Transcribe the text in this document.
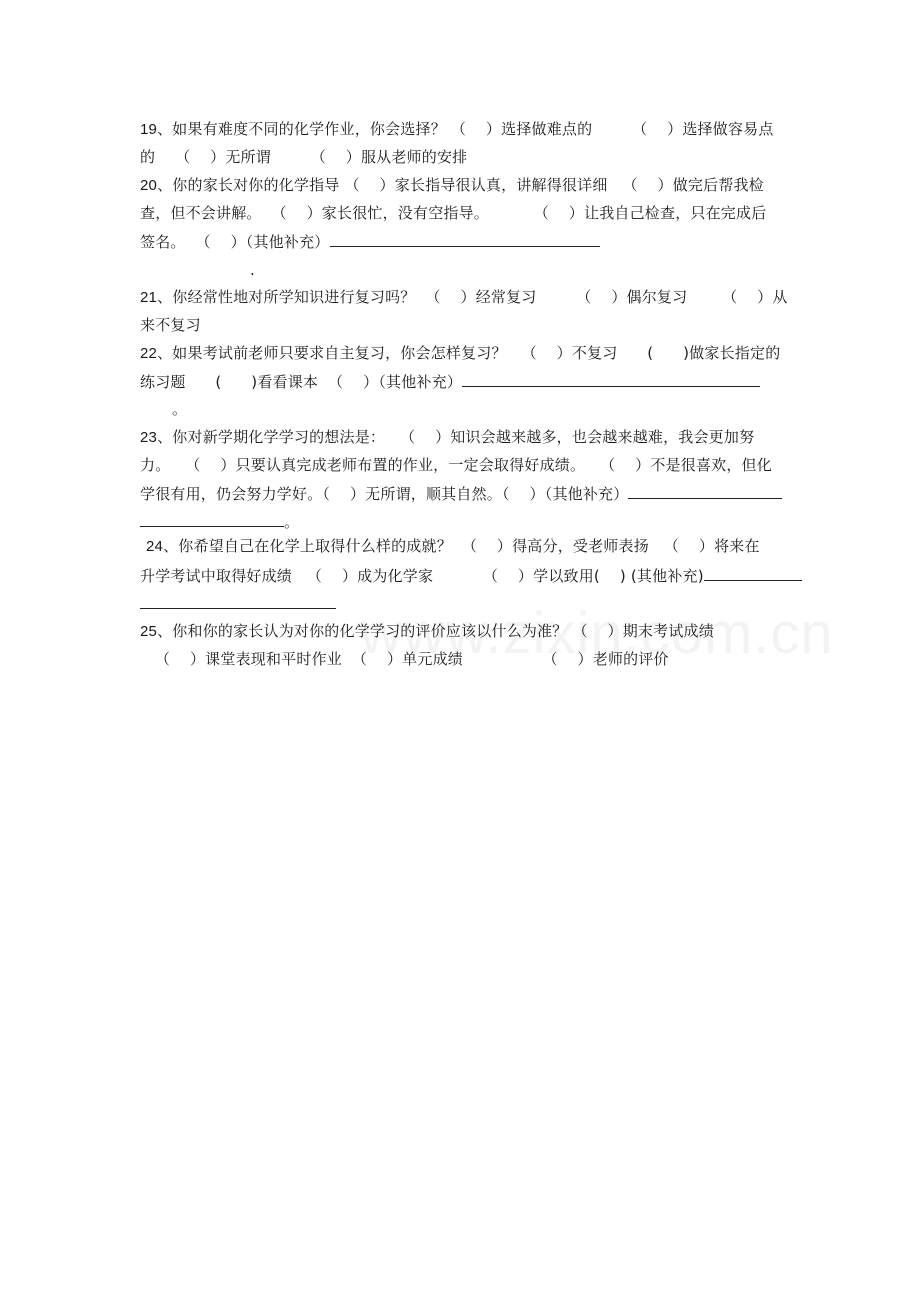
19、如果有难度不同的化学作业，你会选择？ （    ）选择做难点的        （    ）选择做容易点
的    （    ）无所谓        （    ）服从老师的安排
20、你的家长对你的化学指导 （    ）家长指导很认真，讲解得很详细   （    ）做完后帮我检
查，但不会讲解。  （    ）家长很忙，没有空指导。         （    ）让我自己检查，只在完成后
签名。  （    ）（其他补充）
.
21、你经常性地对所学知识进行复习吗？  （    ）经常复习        （    ）偶尔复习       （    ）从
来不复习
22、如果考试前老师只要求自主复习，你会怎样复习？   （    ）不复习      (      )做家长指定的
练习题      (      )看看课本  （    ）（其他补充）
。
23、你对新学期化学学习的想法是：   （    ）知识会越来越多，也会越来越难，我会更加努
力。   （    ）只要认真完成老师布置的作业，一定会取得好成绩。   （    ）不是很喜欢，但化
学很有用，仍会努力学好。（    ）无所谓，顺其自然。（    ）（其他补充）
。
24、你希望自己在化学上取得什么样的成就？  （    ）得高分，受老师表扬   （    ）将来在
升学考试中取得好成绩   （    ）成为化学家          （    ）学以致用(    ) (其他补充)
25、你和你的家长认为对你的化学学习的评价应该以什么为准？ （    ）期末考试成绩
（    ）课堂表现和平时作业  （    ）单元成绩                （    ）老师的评价
